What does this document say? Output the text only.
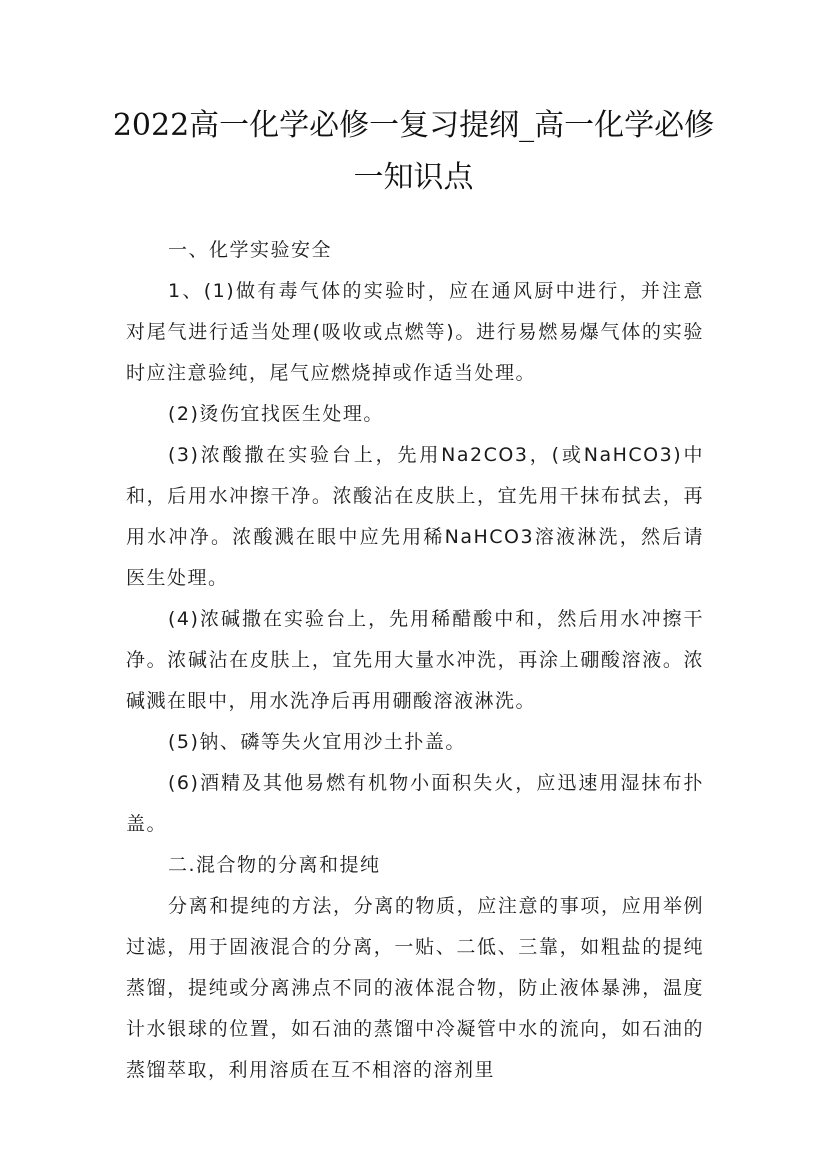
2022高一化学必修一复习提纲_高一化学必修一知识点

一、化学实验安全

1、(1)做有毒气体的实验时，应在通风厨中进行，并注意对尾气进行适当处理(吸收或点燃等)。进行易燃易爆气体的实验时应注意验纯，尾气应燃烧掉或作适当处理。

(2)烫伤宜找医生处理。

(3)浓酸撒在实验台上，先用Na2CO3，(或NaHCO3)中和，后用水冲擦干净。浓酸沾在皮肤上，宜先用干抹布拭去，再用水冲净。浓酸溅在眼中应先用稀NaHCO3溶液淋洗，然后请医生处理。

(4)浓碱撒在实验台上，先用稀醋酸中和，然后用水冲擦干净。浓碱沾在皮肤上，宜先用大量水冲洗，再涂上硼酸溶液。浓碱溅在眼中，用水洗净后再用硼酸溶液淋洗。

(5)钠、磷等失火宜用沙土扑盖。

(6)酒精及其他易燃有机物小面积失火，应迅速用湿抹布扑盖。

二.混合物的分离和提纯

分离和提纯的方法，分离的物质，应注意的事项，应用举例过滤，用于固液混合的分离，一贴、二低、三靠，如粗盐的提纯蒸馏，提纯或分离沸点不同的液体混合物，防止液体暴沸，温度计水银球的位置，如石油的蒸馏中冷凝管中水的流向，如石油的蒸馏萃取，利用溶质在互不相溶的溶剂里
